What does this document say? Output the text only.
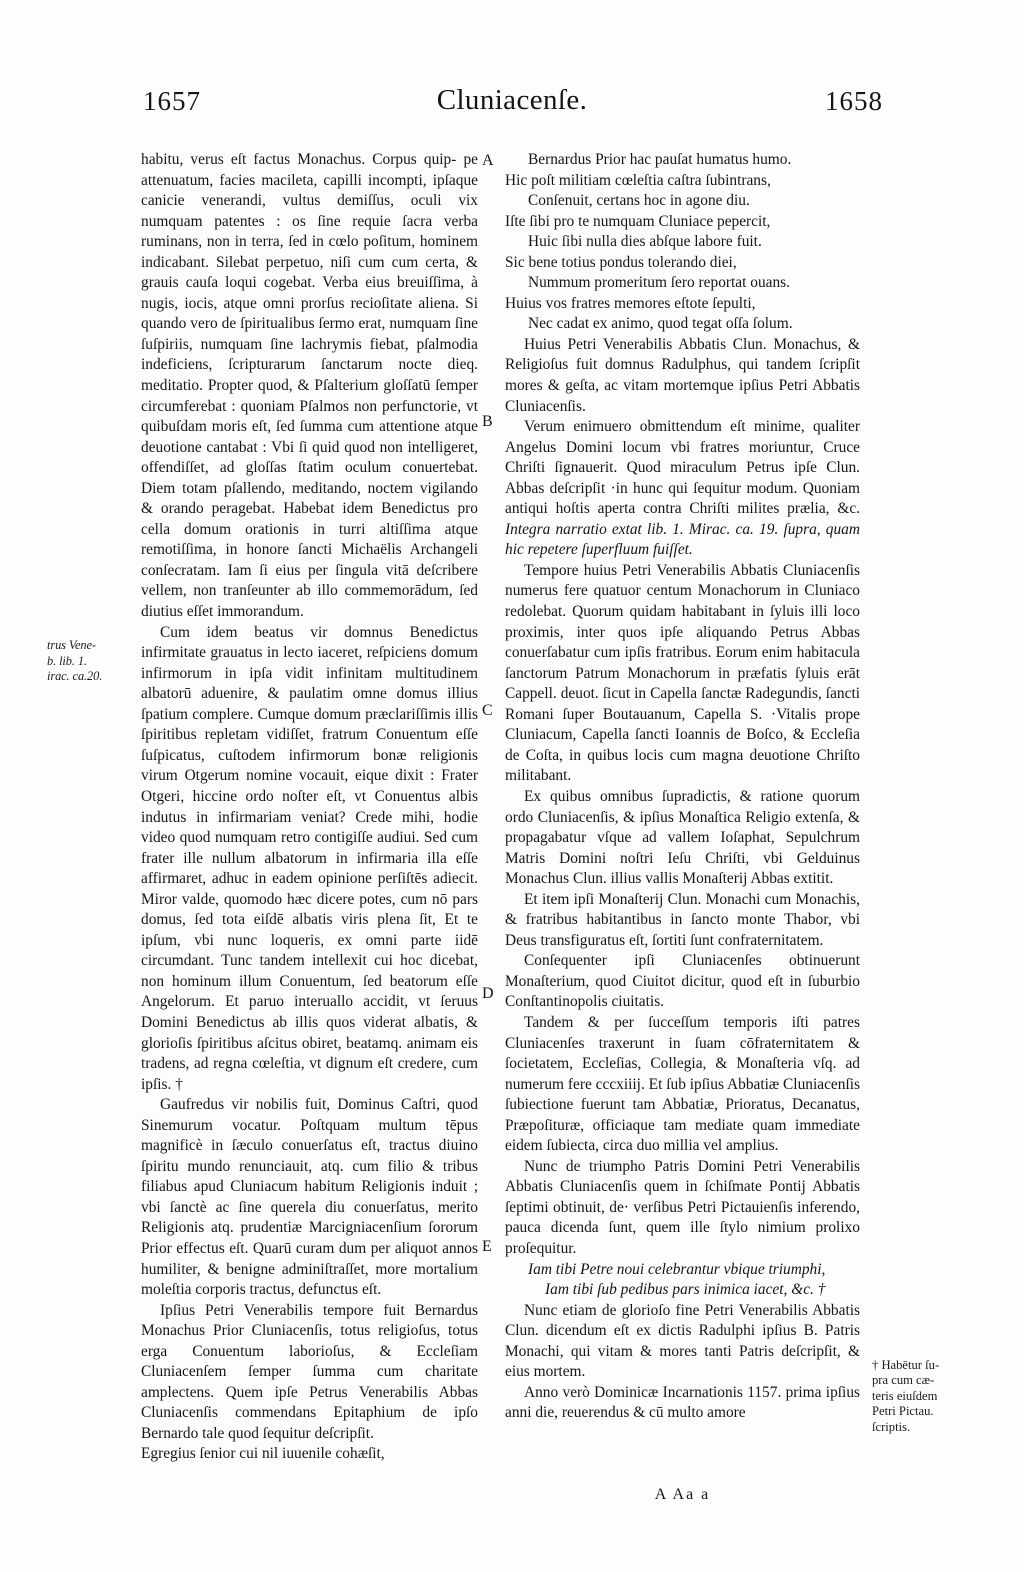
1657	Cluniacenſe.	1658
A
B
C
D
E
trus Vene-
b. lib. 1.
irac. ca.20.
† Habētur ſu-
pra cum cæ-
teris eiuſdem
Petri Pictau.
ſcriptis.

habitu, verus eſt factus Monachus. Corpus quip- pe attenuatum, facies macileta, capilli incompti, ipſaque canicie venerandi, vultus demiſſus, oculi vix numquam patentes : os ſine requie ſacra verba ruminans, non in terra, ſed in cœlo poſitum, hominem indicabant. Silebat perpetuo, niſi cum cum certa, & grauis cauſa loqui cogebat. Verba eius breuiſſima, à nugis, iocis, atque omni prorſus recioſitate aliena. Si quando vero de ſpiritualibus ſermo erat, numquam ſine ſuſpiriis, numquam ſine lachrymis fiebat, pſalmodia indeficiens, ſcripturarum ſanctarum nocte dieq. meditatio. Propter quod, & Pſalterium gloſſatū ſemper circumferebat : quoniam Pſalmos non perfunctorie, vt quibuſdam moris eſt, ſed ſumma cum attentione atque deuotione cantabat : Vbi ſi quid quod non intelligeret, offendiſſet, ad gloſſas ſtatim oculum conuertebat. Diem totam pſallendo, meditando, noctem vigilando & orando peragebat. Habebat idem Benedictus pro cella domum orationis in turri altiſſima atque remotiſſima, in honore ſancti Michaëlis Archangeli conſecratam. Iam ſi eius per ſingula vitā deſcribere vellem, non tranſeunter ab illo commemorādum, ſed diutius eſſet immorandum.

Cum idem beatus vir domnus Benedictus infirmitate grauatus in lecto iaceret, reſpiciens domum infirmorum in ipſa vidit infinitam multitudinem albatorū aduenire, & paulatim omne domus illius ſpatium complere. Cumque domum præclariſſimis illis ſpiritibus repletam vidiſſet, fratrum Conuentum eſſe ſuſpicatus, cuſtodem infirmorum bonæ religionis virum Otgerum nomine vocauit, eique dixit : Frater Otgeri, hiccine ordo noſter eſt, vt Conuentus albis indutus in infirmariam veniat? Crede mihi, hodie video quod numquam retro contigiſſe audiui. Sed cum frater ille nullum albatorum in infirmaria illa eſſe affirmaret, adhuc in eadem opinione perſiſtēs adiecit. Miror valde, quomodo hæc dicere potes, cum nō pars domus, ſed tota eiſdē albatis viris plena ſit, Et te ipſum, vbi nunc loqueris, ex omni parte iidē circumdant. Tunc tandem intellexit cui hoc dicebat, non hominum illum Conuentum, ſed beatorum eſſe Angelorum. Et paruo interuallo accidit, vt ſeruus Domini Benedictus ab illis quos viderat albatis, & glorioſis ſpiritibus aſcitus obiret, beatamq. animam eis tradens, ad regna cœleſtia, vt dignum eſt credere, cum ipſis. †

Gaufredus vir nobilis fuit, Dominus Caſtri, quod Sinemurum vocatur. Poſtquam multum tēpus magnificè in ſæculo conuerſatus eſt, tractus diuino ſpiritu mundo renunciauit, atq. cum filio & tribus filiabus apud Cluniacum habitum Religionis induit ; vbi ſanctè ac ſine querela diu conuerſatus, merito Religionis atq. prudentiæ Marcigniacenſium ſororum Prior effectus eſt. Quarū curam dum per aliquot annos humiliter, & benigne adminiſtraſſet, more mortalium moleſtia corporis tractus, defunctus eſt.

Ipſius Petri Venerabilis tempore fuit Bernardus Monachus Prior Cluniacenſis, totus religioſus, totus erga Conuentum laborioſus, & Eccleſiam Cluniacenſem ſemper ſumma cum charitate amplectens. Quem ipſe Petrus Venerabilis Abbas Cluniacenſis commendans Epitaphium de ipſo Bernardo tale quod ſequitur deſcripſit.

Egregius ſenior cui nil iuuenile cohæſit,

Bernardus Prior hac pauſat humatus humo.
Hic poſt militiam cœleſtia caſtra ſubintrans,
Conſenuit, certans hoc in agone diu.
Iſte ſibi pro te numquam Cluniace pepercit,
Huic ſibi nulla dies abſque labore fuit.
Sic bene totius pondus tolerando diei,
Nummum promeritum ſero reportat ouans.
Huius vos fratres memores eſtote ſepulti,
Nec cadat ex animo, quod tegat oſſa ſolum.

Huius Petri Venerabilis Abbatis Clun. Monachus, & Religioſus fuit domnus Radulphus, qui tandem ſcripſit mores & geſta, ac vitam mortemque ipſius Petri Abbatis Cluniacenſis.

Verum enimuero obmittendum eſt minime, qualiter Angelus Domini locum vbi fratres moriuntur, Cruce Chriſti ſignauerit. Quod miraculum Petrus ipſe Clun. Abbas deſcripſit ·in hunc qui ſequitur modum. Quoniam antiqui hoſtis aperta contra Chriſti milites prælia, &c. Integra narratio extat lib. 1. Mirac. ca. 19. ſupra, quam hic repetere ſuperfluum fuiſſet.

Tempore huius Petri Venerabilis Abbatis Cluniacenſis numerus fere quatuor centum Monachorum in Cluniaco redolebat. Quorum quidam habitabant in ſyluis illi loco proximis, inter quos ipſe aliquando Petrus Abbas conuerſabatur cum ipſis fratribus. Eorum enim habitacula ſanctorum Patrum Monachorum in præfatis ſyluis erāt Cappell. deuot. ſicut in Capella ſanctæ Radegundis, ſancti Romani ſuper Boutauanum, Capella S. ·Vitalis prope Cluniacum, Capella ſancti Ioannis de Boſco, & Eccleſia de Coſta, in quibus locis cum magna deuotione Chriſto militabant.

Ex quibus omnibus ſupradictis, & ratione quorum ordo Cluniacenſis, & ipſius Monaſtica Religio extenſa, & propagabatur vſque ad vallem Ioſaphat, Sepulchrum Matris Domini noſtri Ieſu Chriſti, vbi Gelduinus Monachus Clun. illius vallis Monaſterij Abbas extitit.

Et item ipſi Monaſterij Clun. Monachi cum Monachis, & fratribus habitantibus in ſancto monte Thabor, vbi Deus transfiguratus eſt, ſortiti ſunt confraternitatem.

Conſequenter ipſi Cluniacenſes obtinuerunt Monaſterium, quod Ciuitot dicitur, quod eſt in ſuburbio Conſtantinopolis ciuitatis.

Tandem & per ſucceſſum temporis iſti patres Cluniacenſes traxerunt in ſuam cōfraternitatem & ſocietatem, Eccleſias, Collegia, & Monaſteria vſq. ad numerum fere cccxiiij. Et ſub ipſius Abbatiæ Cluniacenſis ſubiectione fuerunt tam Abbatiæ, Prioratus, Decanatus, Præpoſituræ, officiaque tam mediate quam immediate eidem ſubiecta, circa duo millia vel amplius.

Nunc de triumpho Patris Domini Petri Venerabilis Abbatis Cluniacenſis quem in ſchiſmate Pontij Abbatis ſeptimi obtinuit, de· verſibus Petri Pictauienſis inferendo, pauca dicenda ſunt, quem ille ſtylo nimium prolixo proſequitur.

Iam tibi Petre noui celebrantur vbique triumphi,
Iam tibi ſub pedibus pars inimica iacet, &c. †

Nunc etiam de glorioſo fine Petri Venerabilis Abbatis Clun. dicendum eſt ex dictis Radulphi ipſius B. Patris Monachi, qui vitam & mores tanti Patris deſcripſit, & eius mortem.

Anno verò Dominicæ Incarnationis 1157. prima ipſius anni die, reuerendus & cū multo amore

A Aa a
